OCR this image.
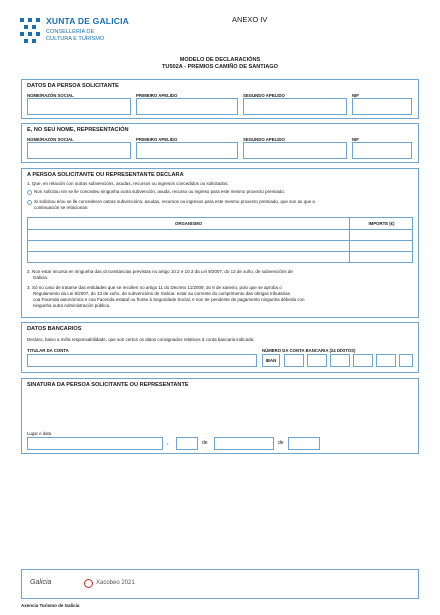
XUNTA DE GALICIA
CONSELLERÍA DE
CULTURA E TURISMO
ANEXO IV
MODELO DE DECLARACIÓNS
TU502A - PREMIOS CAMIÑO DE SANTIAGO
DATOS DA PERSOA SOLICITANTE
NOME/RAZÓN SOCIAL	PRIMEIRO APELIDO	SEGUNDO APELIDO	NIF
E, NO SEU NOME, REPRESENTACIÓN
NOME/RAZÓN SOCIAL	PRIMEIRO APELIDO	SEGUNDO APELIDO	NIF
A PERSOA SOLICITANTE OU REPRESENTANTE DECLARA
1. Que, en relación con outras subvencións, axudas, recursos ou ingresos concedidos ou solicitados:
Non solicitou nin se lle concedeu ningunha outra subvención, axuda, recurso ou ingreso para este mesmo proxecto premiado.
Si solicitou e/ou se lle concederon outras subvencións, axudas, recursos ou ingresos para este mesmo proxecto premiado, que son as que a
continuación se relacionan:
ORGANISMO	IMPORTE (€)
2. Non estar incursa en ningunha das circunstancias previstas no artigo 10.2 e 10.3 da Lei 9/2007, do 13 de xuño, de subvencións de
Galicia.
3. Só no caso de tratarse das entidades que se recollen no artigo 11 do Decreto 11/2009, do 8 de xaneiro, polo que se aproba o
Regulamento da Lei 9/2007, do 13 de xuño, de subvencións de Galicia: estar ao corrente do cumprimento das obrigas tributarias
coa Facenda autonómica e coa Facenda estatal ou fronte á Seguridade Social, e non ter pendente de pagamento ningunha débeda con
ningunha outra Administración pública.
DATOS BANCARIOS
Declaro, baixo a miña responsabilidade, que son certos os datos consignados relativos á conta bancaria indicada.
TITULAR DA CONTA	NÚMERO DA CONTA BANCARIA (24 DÍXITOS)
IBAN
SINATURA DA PERSOA SOLICITANTE OU REPRESENTANTE
Lugar e data
,	de	de
Galicia	Xacobeo 2021
Axencia Turismo de Galicia
